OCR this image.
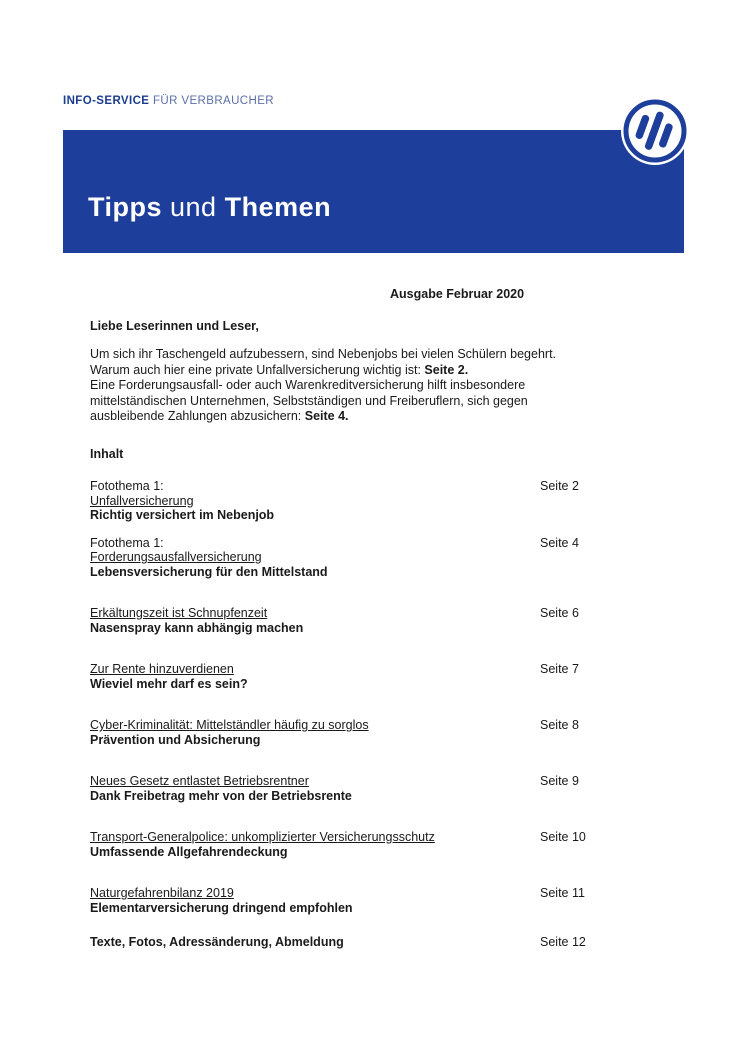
INFO-SERVICE FÜR VERBRAUCHER
Tipps und Themen
Ausgabe Februar 2020
Liebe Leserinnen und Leser,

Um sich ihr Taschengeld aufzubessern, sind Nebenjobs bei vielen Schülern begehrt.
Warum auch hier eine private Unfallversicherung wichtig ist: Seite 2.
Eine Forderungsausfall- oder auch Warenkreditversicherung hilft insbesondere
mittelständischen Unternehmen, Selbstständigen und Freiberuflern, sich gegen
ausbleibende Zahlungen abzusichern: Seite 4.

Inhalt
Fotothema 1:
Unfallversicherung
Richtig versichert im Nebenjob
Seite 2
Fotothema 1:
Forderungsausfallversicherung
Lebensversicherung für den Mittelstand
Seite 4
Erkältungszeit ist Schnupfenzeit
Nasenspray kann abhängig machen
Seite 6
Zur Rente hinzuverdienen
Wieviel mehr darf es sein?
Seite 7
Cyber-Kriminalität: Mittelständler häufig zu sorglos
Prävention und Absicherung
Seite 8
Neues Gesetz entlastet Betriebsrentner
Dank Freibetrag mehr von der Betriebsrente
Seite 9
Transport-Generalpolice: unkomplizierter Versicherungsschutz
Umfassende Allgefahrendeckung
Seite 10
Naturgefahrenbilanz 2019
Elementarversicherung dringend empfohlen
Seite 11
Texte, Fotos, Adressänderung, Abmeldung	Seite 12
